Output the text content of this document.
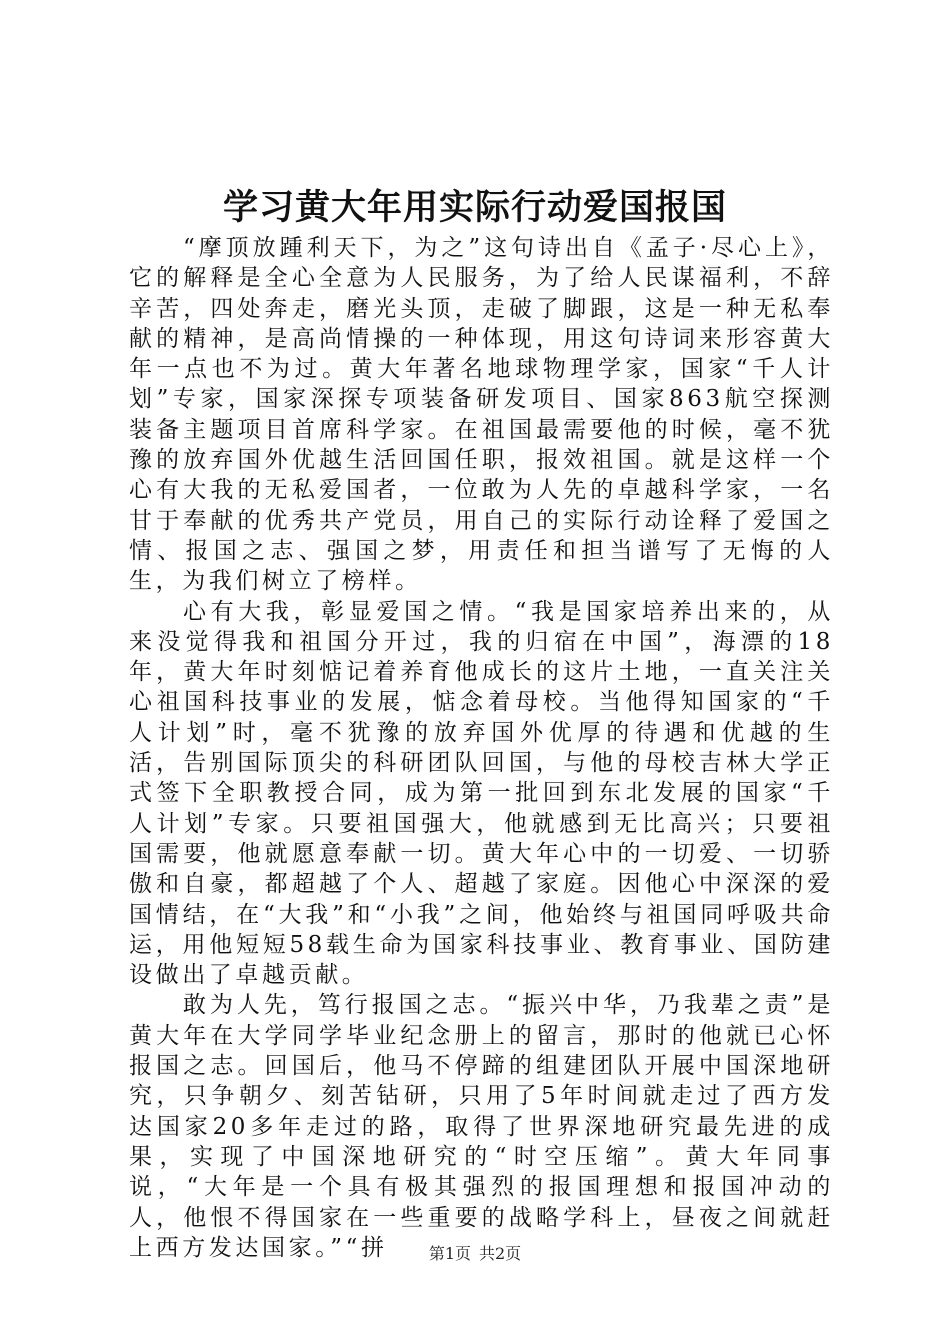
学习黄大年用实际行动爱国报国

“摩顶放踵利天下，为之”这句诗出自《孟子·尽心上》，它的解释是全心全意为人民服务，为了给人民谋福利，不辞辛苦，四处奔走，磨光头顶，走破了脚跟，这是一种无私奉献的精神，是高尚情操的一种体现，用这句诗词来形容黄大年一点也不为过。黄大年著名地球物理学家，国家“千人计划”专家，国家深探专项装备研发项目、国家863航空探测装备主题项目首席科学家。在祖国最需要他的时候，毫不犹豫的放弃国外优越生活回国任职，报效祖国。就是这样一个心有大我的无私爱国者，一位敢为人先的卓越科学家，一名甘于奉献的优秀共产党员，用自己的实际行动诠释了爱国之情、报国之志、强国之梦，用责任和担当谱写了无悔的人生，为我们树立了榜样。

心有大我，彰显爱国之情。“我是国家培养出来的，从来没觉得我和祖国分开过，我的归宿在中国”，海漂的18年，黄大年时刻惦记着养育他成长的这片土地，一直关注关心祖国科技事业的发展，惦念着母校。当他得知国家的“千人计划”时，毫不犹豫的放弃国外优厚的待遇和优越的生活，告别国际顶尖的科研团队回国，与他的母校吉林大学正式签下全职教授合同，成为第一批回到东北发展的国家“千人计划”专家。只要祖国强大，他就感到无比高兴；只要祖国需要，他就愿意奉献一切。黄大年心中的一切爱、一切骄傲和自豪，都超越了个人、超越了家庭。因他心中深深的爱国情结，在“大我”和“小我”之间，他始终与祖国同呼吸共命运，用他短短58载生命为国家科技事业、教育事业、国防建设做出了卓越贡献。

敢为人先，笃行报国之志。“振兴中华，乃我辈之责”是黄大年在大学同学毕业纪念册上的留言，那时的他就已心怀报国之志。回国后，他马不停蹄的组建团队开展中国深地研究，只争朝夕、刻苦钻研，只用了5年时间就走过了西方发达国家20多年走过的路，取得了世界深地研究最先进的成果，实现了中国深地研究的“时空压缩”。黄大年同事说，“大年是一个具有极其强烈的报国理想和报国冲动的人，他恨不得国家在一些重要的战略学科上，昼夜之间就赶上西方发达国家。”“拼	第1页 共2页
